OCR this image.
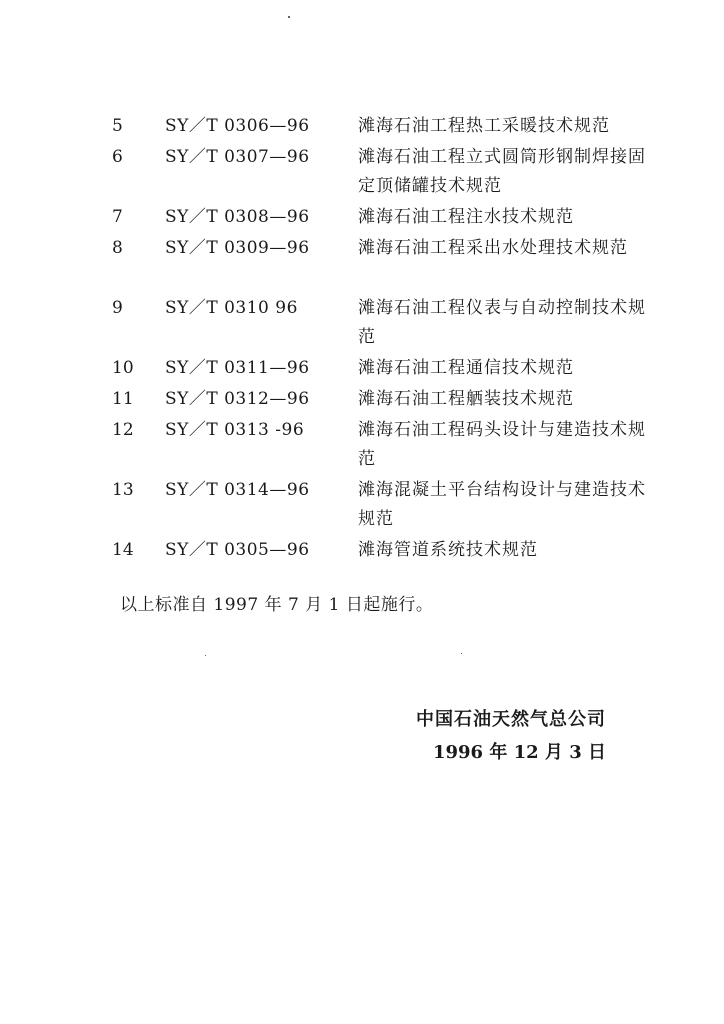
5	SY／T 0306—96	滩海石油工程热工采暖技术规范
6	SY／T 0307—96	滩海石油工程立式圆筒形钢制焊接固定顶储罐技术规范
7	SY／T 0308—96	滩海石油工程注水技术规范
8	SY／T 0309—96	滩海石油工程采出水处理技术规范
9	SY／T 0310 96	滩海石油工程仪表与自动控制技术规范
10	SY／T 0311—96	滩海石油工程通信技术规范
11	SY／T 0312—96	滩海石油工程舾装技术规范
12	SY／T 0313 -96	滩海石油工程码头设计与建造技术规范
13	SY／T 0314—96	滩海混凝土平台结构设计与建造技术规范
14	SY／T 0305—96	滩海管道系统技术规范
以上标准自 1997 年 7 月 1 日起施行。
中国石油天然气总公司
1996 年 12 月 3 日
